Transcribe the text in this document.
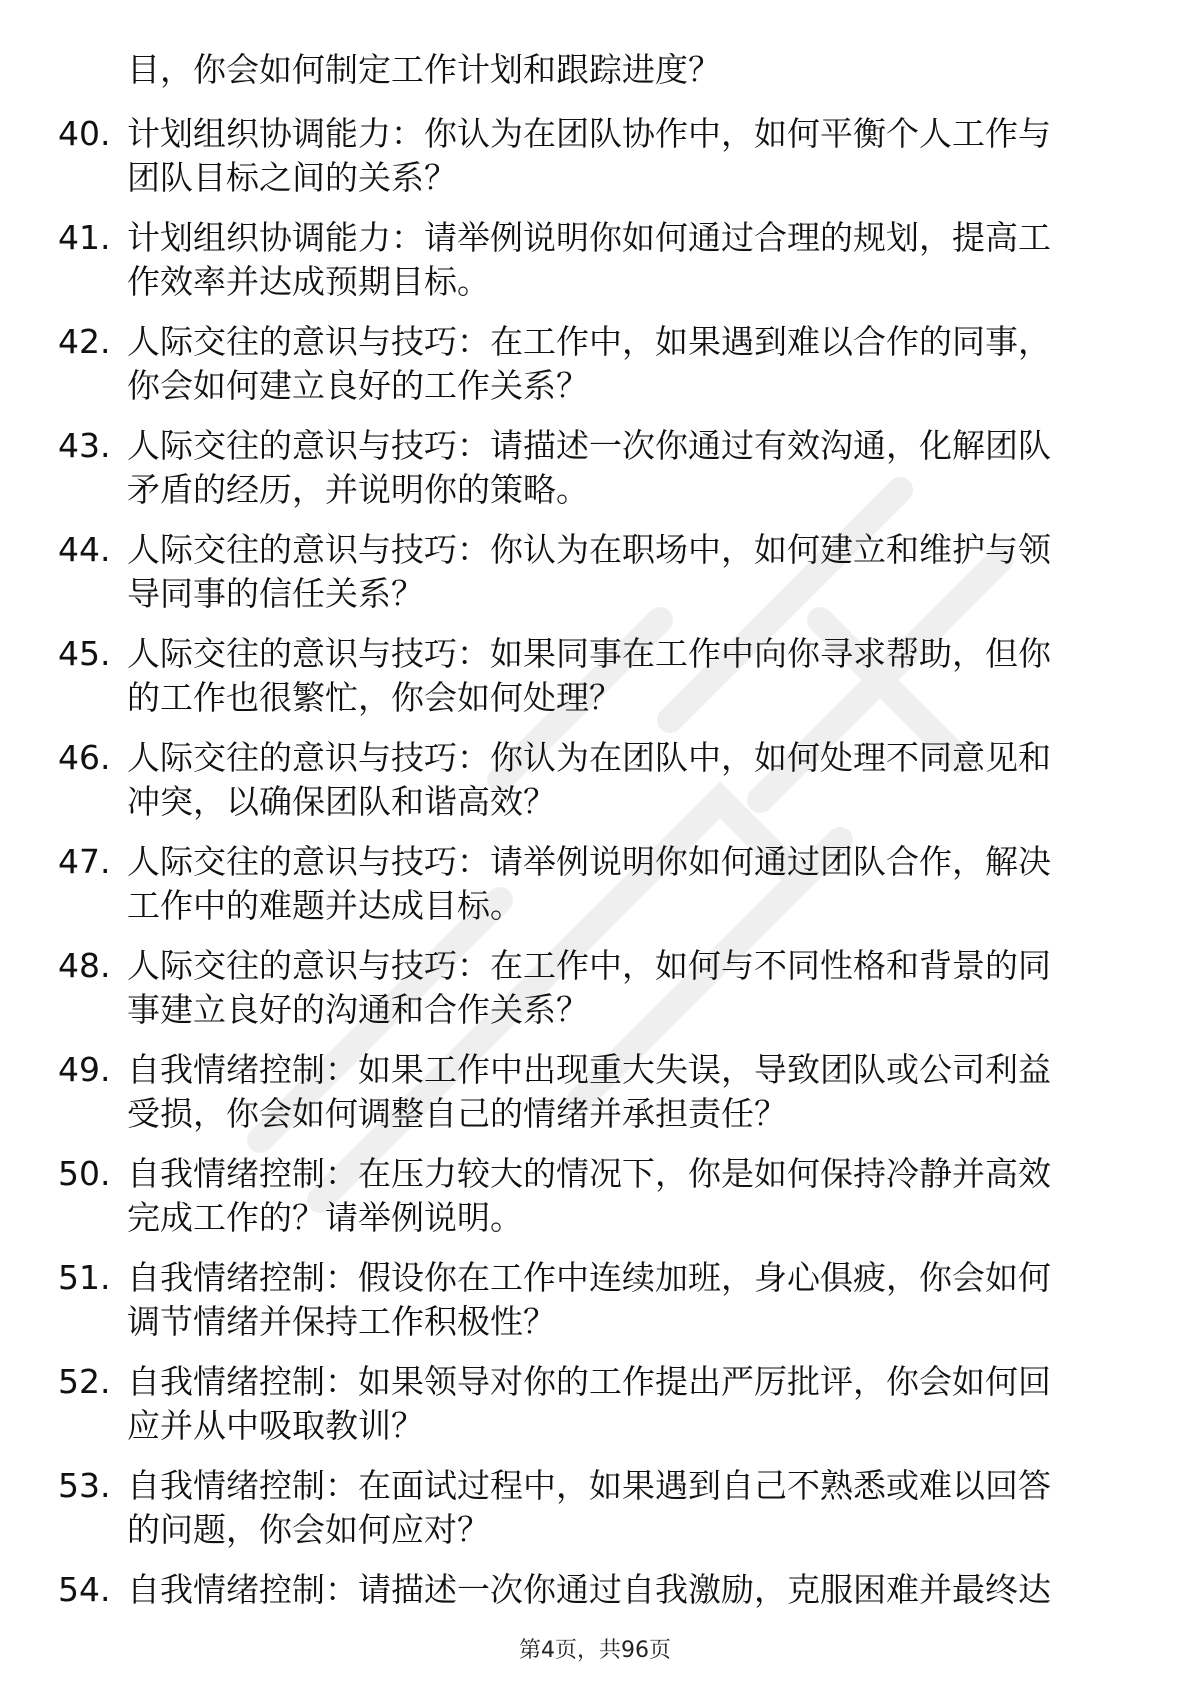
目，你会如何制定工作计划和跟踪进度？
40. 计划组织协调能力：你认为在团队协作中，如何平衡个人工作与
团队目标之间的关系？
41. 计划组织协调能力：请举例说明你如何通过合理的规划，提高工
作效率并达成预期目标。
42. 人际交往的意识与技巧：在工作中，如果遇到难以合作的同事，
你会如何建立良好的工作关系？
43. 人际交往的意识与技巧：请描述一次你通过有效沟通，化解团队
矛盾的经历，并说明你的策略。
44. 人际交往的意识与技巧：你认为在职场中，如何建立和维护与领
导同事的信任关系？
45. 人际交往的意识与技巧：如果同事在工作中向你寻求帮助，但你
的工作也很繁忙，你会如何处理？
46. 人际交往的意识与技巧：你认为在团队中，如何处理不同意见和
冲突，以确保团队和谐高效？
47. 人际交往的意识与技巧：请举例说明你如何通过团队合作，解决
工作中的难题并达成目标。
48. 人际交往的意识与技巧：在工作中，如何与不同性格和背景的同
事建立良好的沟通和合作关系？
49. 自我情绪控制：如果工作中出现重大失误，导致团队或公司利益
受损，你会如何调整自己的情绪并承担责任？
50. 自我情绪控制：在压力较大的情况下，你是如何保持冷静并高效
完成工作的？请举例说明。
51. 自我情绪控制：假设你在工作中连续加班，身心俱疲，你会如何
调节情绪并保持工作积极性？
52. 自我情绪控制：如果领导对你的工作提出严厉批评，你会如何回
应并从中吸取教训？
53. 自我情绪控制：在面试过程中，如果遇到自己不熟悉或难以回答
的问题，你会如何应对？
54. 自我情绪控制：请描述一次你通过自我激励，克服困难并最终达
第4页，共96页
